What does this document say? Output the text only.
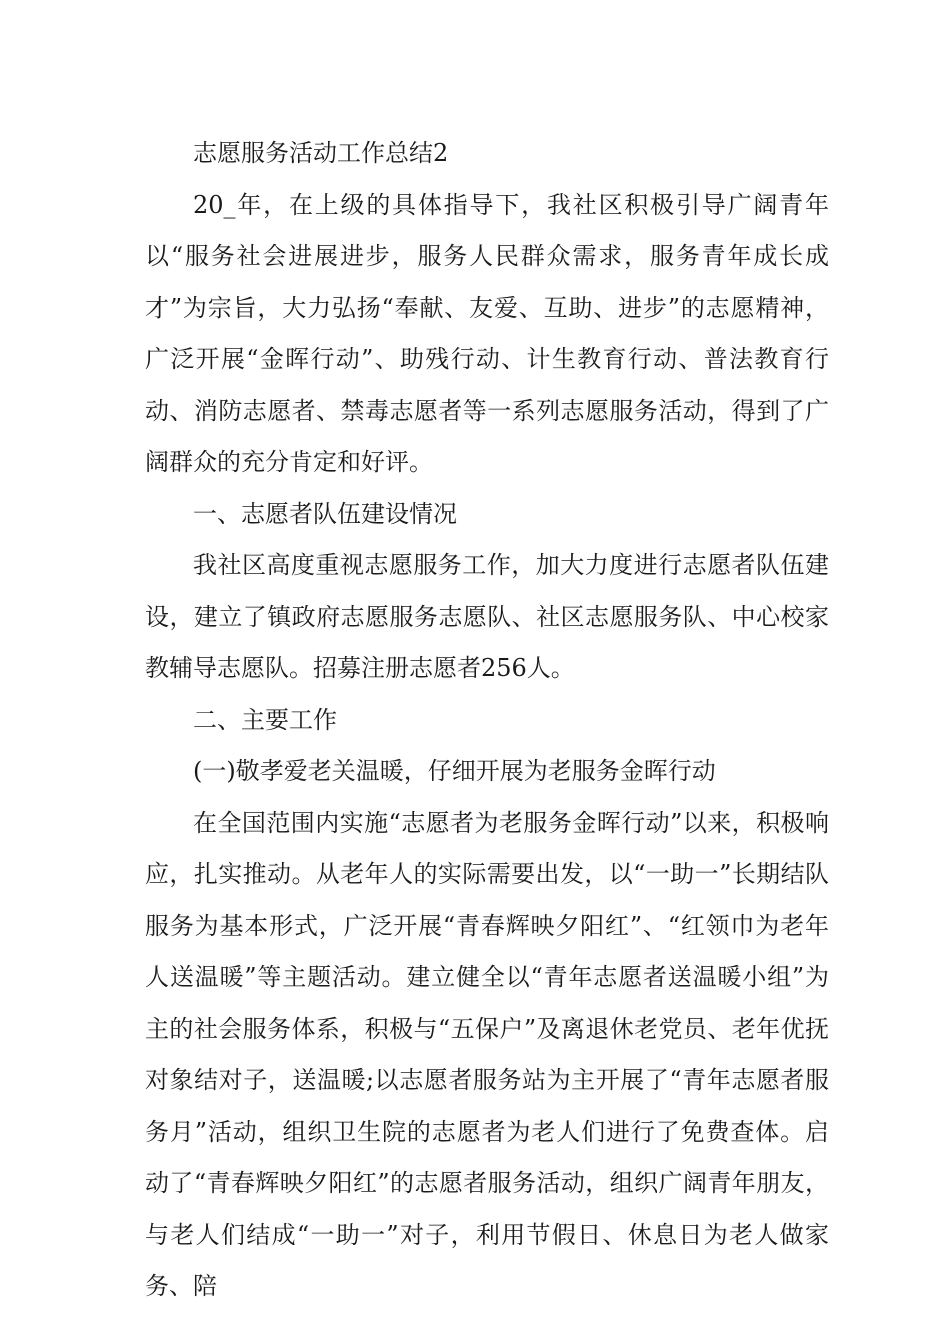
志愿服务活动工作总结2

20_年，在上级的具体指导下，我社区积极引导广阔青年以“服务社会进展进步，服务人民群众需求，服务青年成长成才”为宗旨，大力弘扬“奉献、友爱、互助、进步”的志愿精神，广泛开展“金晖行动”、助残行动、计生教育行动、普法教育行动、消防志愿者、禁毒志愿者等一系列志愿服务活动，得到了广阔群众的充分肯定和好评。

一、志愿者队伍建设情况

我社区高度重视志愿服务工作，加大力度进行志愿者队伍建设，建立了镇政府志愿服务志愿队、社区志愿服务队、中心校家教辅导志愿队。招募注册志愿者256人。

二、主要工作

(一)敬孝爱老关温暖，仔细开展为老服务金晖行动

在全国范围内实施“志愿者为老服务金晖行动”以来，积极响应，扎实推动。从老年人的实际需要出发，以“一助一”长期结队服务为基本形式，广泛开展“青春辉映夕阳红”、“红领巾为老年人送温暖”等主题活动。建立健全以“青年志愿者送温暖小组”为主的社会服务体系，积极与“五保户”及离退休老党员、老年优抚对象结对子，送温暖;以志愿者服务站为主开展了“青年志愿者服务月”活动，组织卫生院的志愿者为老人们进行了免费查体。启动了“青春辉映夕阳红”的志愿者服务活动，组织广阔青年朋友，与老人们结成“一助一”对子，利用节假日、休息日为老人做家务、陪
